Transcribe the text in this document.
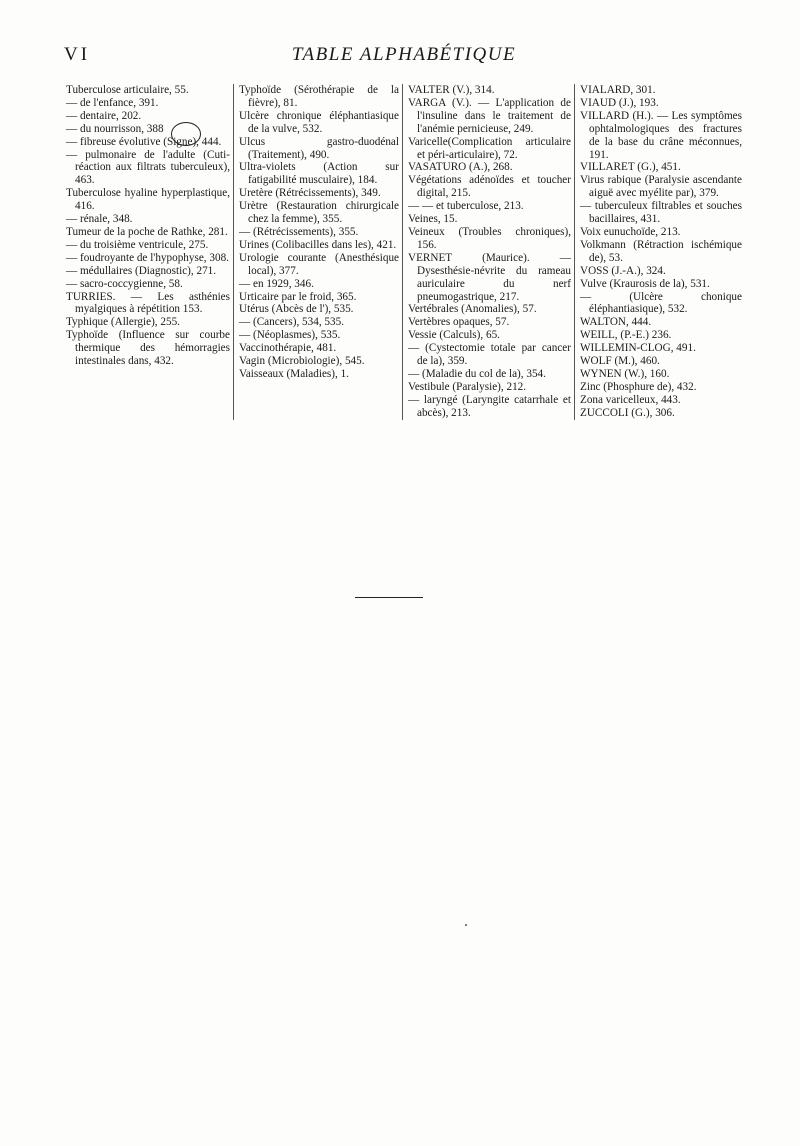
VI	TABLE ALPHABÉTIQUE
Tuberculose articulaire, 55.
— de l'enfance, 391.
— dentaire, 202.
— du nourrisson, 388
— fibreuse évolutive (Signe), 444.
— pulmonaire de l'adulte (Cuti-réaction aux filtrats tuberculeux), 463.
Tuberculose hyaline hyperplastique, 416.
— rénale, 348.
Tumeur de la poche de Rathke, 281.
— du troisième ventricule, 275.
— foudroyante de l'hypophyse, 308.
— médullaires (Diagnostic), 271.
— sacro-coccygienne, 58.
TURRIES. — Les asthénies myalgiques à répétition 153.
Typhique (Allergie), 255.
Typhoïde (Influence sur courbe thermique des hémorragies intestinales dans, 432.
Typhoïde (Sérothérapie de la fièvre), 81.
Ulcère chronique éléphantiasique de la vulve, 532.
Ulcus gastro-duodénal (Traitement), 490.
Ultra-violets (Action sur fatigabilité musculaire), 184.
Uretère (Rétrécissements), 349.
Urètre (Restauration chirurgicale chez la femme), 355.
— (Rétrécissements), 355.
Urines (Colibacilles dans les), 421.
Urologie courante (Anesthésique local), 377.
— en 1929, 346.
Urticaire par le froid, 365.
Utérus (Abcès de l'), 535.
— (Cancers), 534, 535.
— (Néoplasmes), 535.
Vaccinothérapie, 481.
Vagin (Microbiologie), 545.
Vaisseaux (Maladies), 1.
VALTER (V.), 314.
VARGA (V.). — L'application de l'insuline dans le traitement de l'anémie pernicieuse, 249.
Varicelle(Complication articulaire et péri-articulaire), 72.
VASATURO (A.), 268.
Végétations adénoïdes et toucher digital, 215.
— — et tuberculose, 213.
Veines, 15.
Veineux (Troubles chroniques), 156.
VERNET (Maurice). — Dysesthésie-névrite du rameau auriculaire du nerf pneumogastrique, 217.
Vertébrales (Anomalies), 57.
Vertèbres opaques, 57.
Vessie (Calculs), 65.
— (Cystectomie totale par cancer de la), 359.
— (Maladie du col de la), 354.
Vestibule (Paralysie), 212.
— laryngé (Laryngite catarrhale et abcès), 213.
VIALARD, 301.
VIAUD (J.), 193.
VILLARD (H.). — Les symptômes ophtalmologiques des fractures de la base du crâne méconnues, 191.
VILLARET (G.), 451.
Virus rabique (Paralysie ascendante aiguë avec myélite par), 379.
— tuberculeux filtrables et souches bacillaires, 431.
Voix eunuchoïde, 213.
Volkmann (Rétraction ischémique de), 53.
VOSS (J.-A.), 324.
Vulve (Kraurosis de la), 531.
— (Ulcère chonique éléphantiasique), 532.
WALTON, 444.
WEILL, (P.-E.) 236.
WILLEMIN-CLOG, 491.
WOLF (M.), 460.
WYNEN (W.), 160.
Zinc (Phosphure de), 432.
Zona varicelleux, 443.
ZUCCOLI (G.), 306.
